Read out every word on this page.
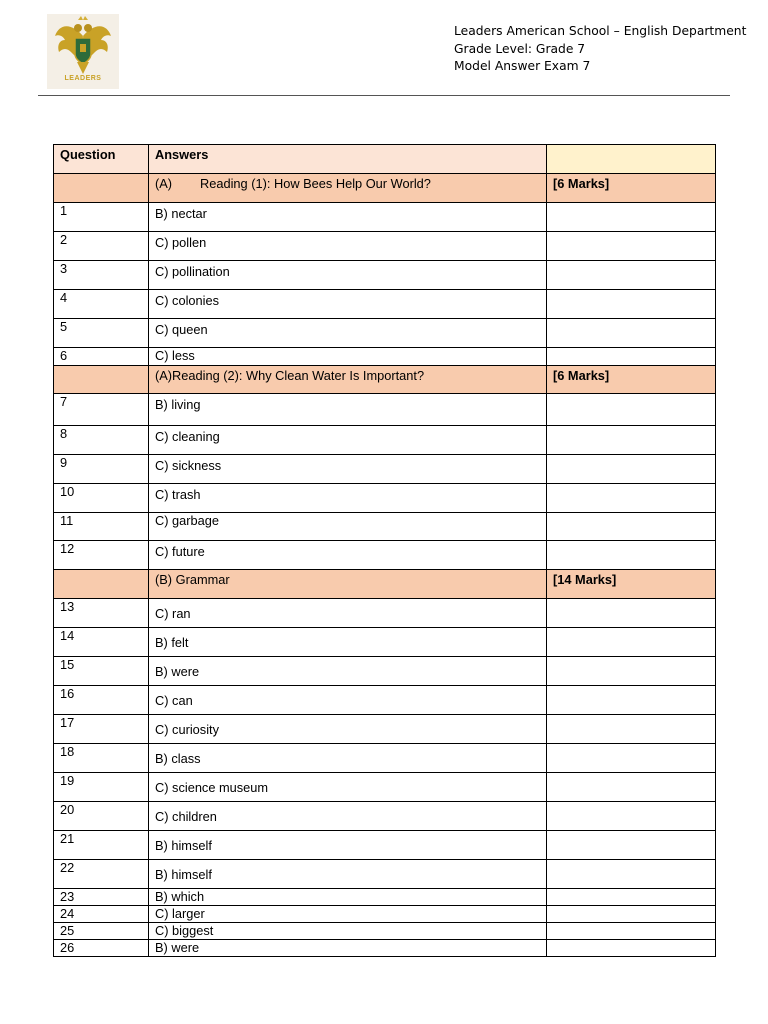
LEADERS
Leaders American School – English Department
Grade Level: Grade 7
Model Answer Exam 7
Question	Answers	
	(A) Reading (1): How Bees Help Our World?	[6 Marks]
1	B) nectar	
2	C) pollen	
3	C) pollination	
4	C) colonies	
5	C) queen	
6	C) less	
	(A)Reading (2): Why Clean Water Is Important?	[6 Marks]
7	B) living	
8	C) cleaning	
9	C) sickness	
10	C) trash	
11	C) garbage	
12	C) future	
	(B) Grammar	[14 Marks]
13	C) ran	
14	B) felt	
15	B) were	
16	C) can	
17	C) curiosity	
18	B) class	
19	C) science museum	
20	C) children	
21	B) himself	
22	B) himself	
23	B) which	
24	C) larger	
25	C) biggest	
26	B) were	
